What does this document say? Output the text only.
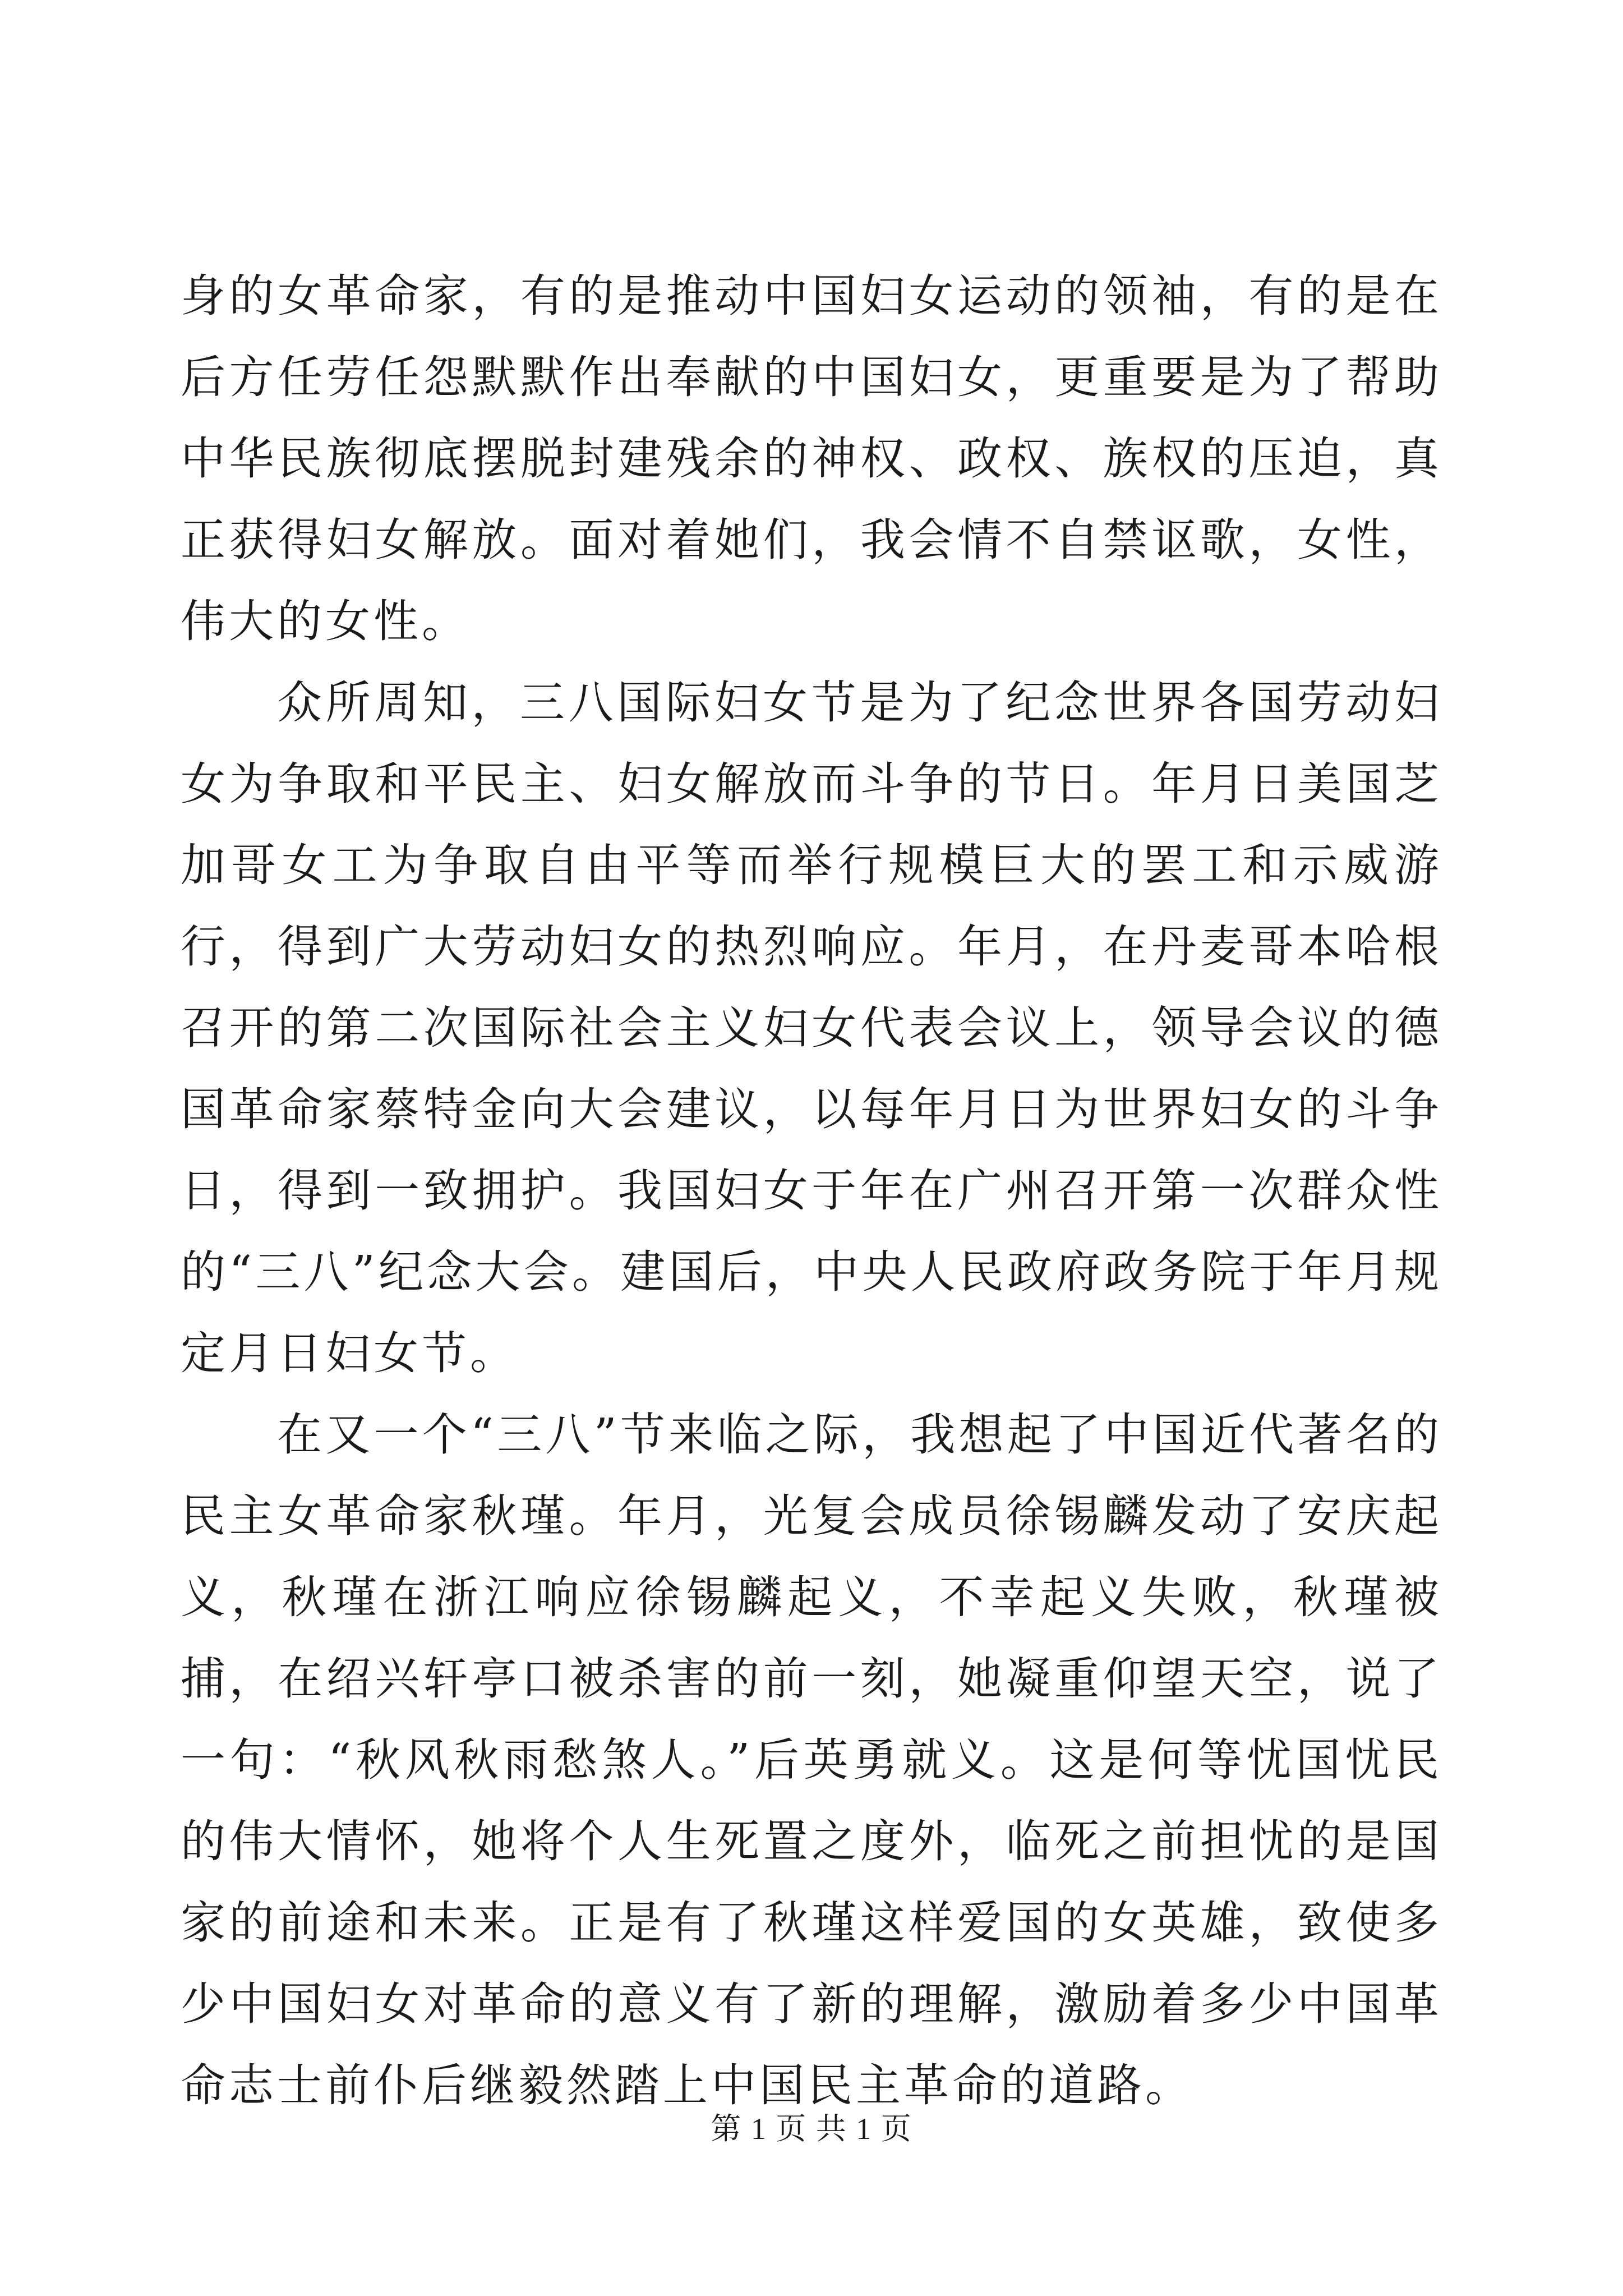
身的女革命家，有的是推动中国妇女运动的领袖，有的是在后方任劳任怨默默作出奉献的中国妇女，更重要是为了帮助中华民族彻底摆脱封建残余的神权、政权、族权的压迫，真正获得妇女解放。面对着她们，我会情不自禁讴歌，女性，伟大的女性。

众所周知，三八国际妇女节是为了纪念世界各国劳动妇女为争取和平民主、妇女解放而斗争的节日。年月日美国芝加哥女工为争取自由平等而举行规模巨大的罢工和示威游行，得到广大劳动妇女的热烈响应。年月，在丹麦哥本哈根召开的第二次国际社会主义妇女代表会议上，领导会议的德国革命家蔡特金向大会建议，以每年月日为世界妇女的斗争日，得到一致拥护。我国妇女于年在广州召开第一次群众性的“三八”纪念大会。建国后，中央人民政府政务院于年月规定月日妇女节。

在又一个“三八”节来临之际，我想起了中国近代著名的民主女革命家秋瑾。年月，光复会成员徐锡麟发动了安庆起义，秋瑾在浙江响应徐锡麟起义，不幸起义失败，秋瑾被捕，在绍兴轩亭口被杀害的前一刻，她凝重仰望天空，说了一句：“秋风秋雨愁煞人。”后英勇就义。这是何等忧国忧民的伟大情怀，她将个人生死置之度外，临死之前担忧的是国家的前途和未来。正是有了秋瑾这样爱国的女英雄，致使多少中国妇女对革命的意义有了新的理解，激励着多少中国革命志士前仆后继毅然踏上中国民主革命的道路。

第 1 页 共 1 页
